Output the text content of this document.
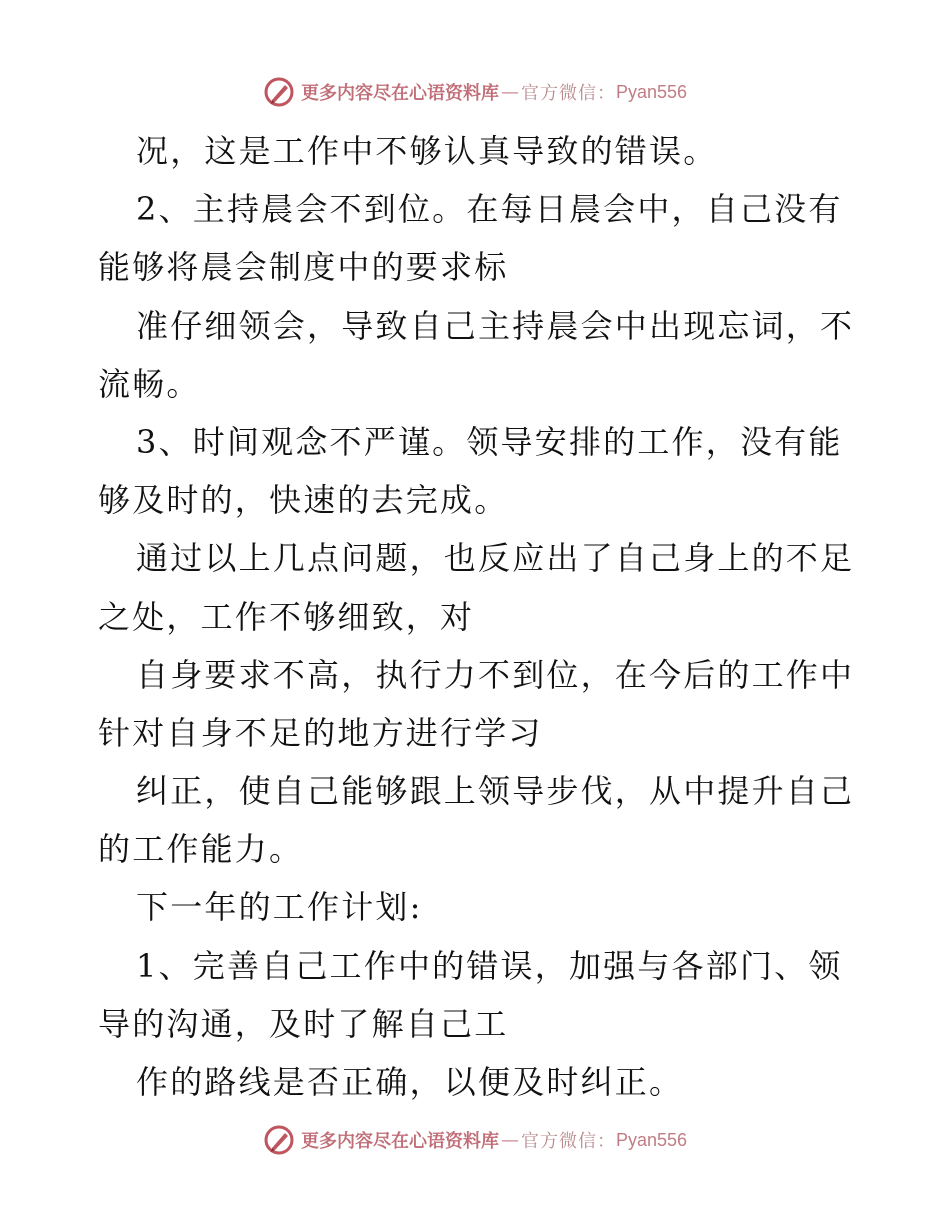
更多内容尽在心语资料库 — 官方微信： Pyan556
况，这是工作中不够认真导致的错误。
2、主持晨会不到位。在每日晨会中，自己没有
能够将晨会制度中的要求标
准仔细领会，导致自己主持晨会中出现忘词，不
流畅。
3、时间观念不严谨。领导安排的工作，没有能
够及时的，快速的去完成。
通过以上几点问题，也反应出了自己身上的不足
之处，工作不够细致，对
自身要求不高，执行力不到位，在今后的工作中
针对自身不足的地方进行学习
纠正，使自己能够跟上领导步伐，从中提升自己
的工作能力。
下一年的工作计划:
1、完善自己工作中的错误，加强与各部门、领
导的沟通，及时了解自己工
作的路线是否正确，以便及时纠正。
更多内容尽在心语资料库 — 官方微信： Pyan556
